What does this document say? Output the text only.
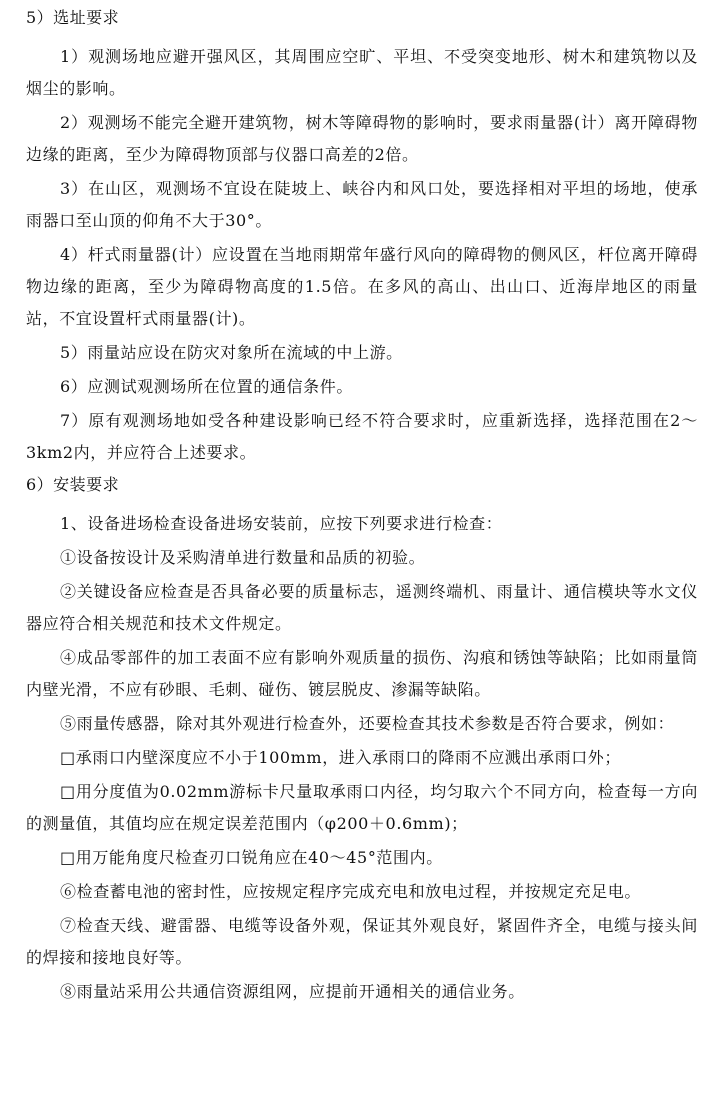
5）选址要求

1）观测场地应避开强风区，其周围应空旷、平坦、不受突变地形、树木和建筑物以及烟尘的影响。

2）观测场不能完全避开建筑物，树木等障碍物的影响时，要求雨量器(计）离开障碍物边缘的距离，至少为障碍物顶部与仪器口高差的2倍。

3）在山区，观测场不宜设在陡坡上、峡谷内和风口处，要选择相对平坦的场地，使承雨器口至山顶的仰角不大于30°。

4）杆式雨量器(计）应设置在当地雨期常年盛行风向的障碍物的侧风区，杆位离开障碍物边缘的距离，至少为障碍物高度的1.5倍。在多风的高山、出山口、近海岸地区的雨量站，不宜设置杆式雨量器(计)。

5）雨量站应设在防灾对象所在流域的中上游。

6）应测试观测场所在位置的通信条件。

7）原有观测场地如受各种建设影响已经不符合要求时，应重新选择，选择范围在2～3km2内，并应符合上述要求。

6）安装要求

1、设备进场检查设备进场安装前，应按下列要求进行检查：

①设备按设计及采购清单进行数量和品质的初验。

②关键设备应检查是否具备必要的质量标志，遥测终端机、雨量计、通信模块等水文仪器应符合相关规范和技术文件规定。

④成品零部件的加工表面不应有影响外观质量的损伤、沟痕和锈蚀等缺陷；比如雨量筒内壁光滑，不应有砂眼、毛刺、碰伤、镀层脱皮、渗漏等缺陷。

⑤雨量传感器，除对其外观进行检查外，还要检查其技术参数是否符合要求，例如：

□承雨口内壁深度应不小于100mm，进入承雨口的降雨不应溅出承雨口外；

□用分度值为0.02mm游标卡尺量取承雨口内径，均匀取六个不同方向，检查每一方向的测量值，其值均应在规定误差范围内（φ200＋0.6mm)；

□用万能角度尺检查刃口锐角应在40～45°范围内。

⑥检查蓄电池的密封性，应按规定程序完成充电和放电过程，并按规定充足电。

⑦检查天线、避雷器、电缆等设备外观，保证其外观良好，紧固件齐全，电缆与接头间的焊接和接地良好等。

⑧雨量站采用公共通信资源组网，应提前开通相关的通信业务。
